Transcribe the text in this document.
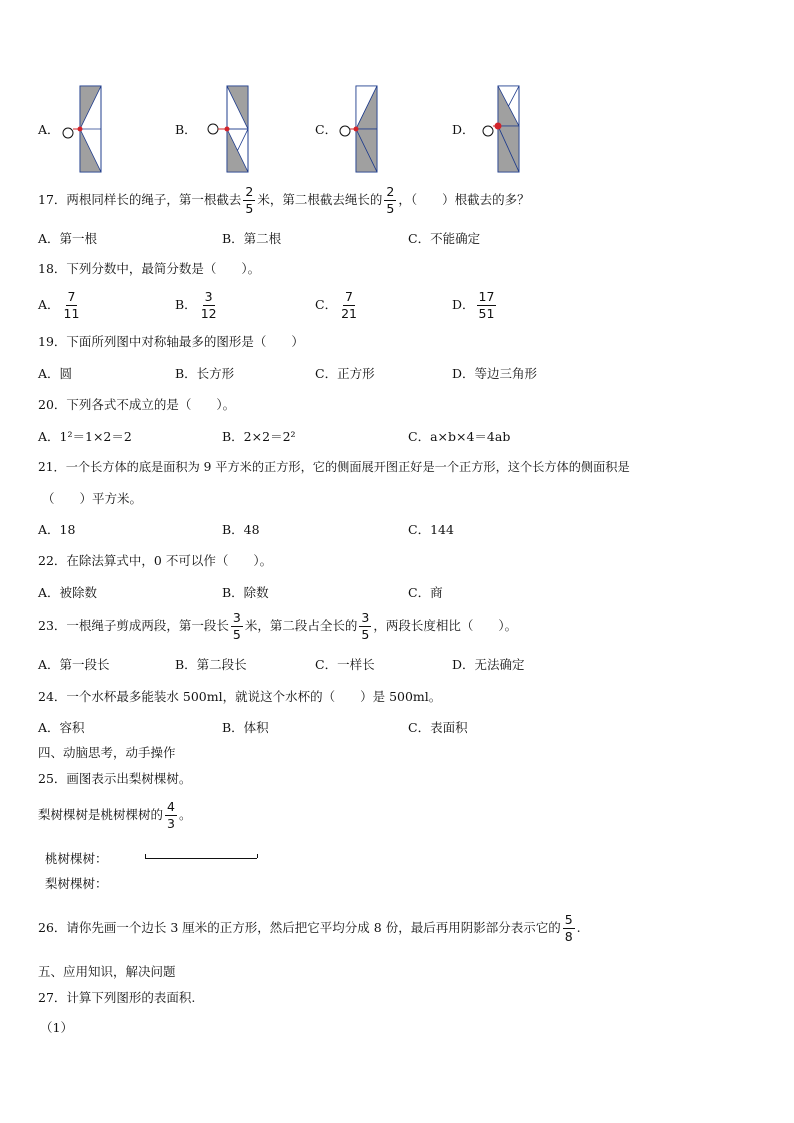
A．	B．	C．	D．
17．两根同样长的绳子，第一根截去 $\frac{2}{5}$ 米，第二根截去绳长的 $\frac{2}{5}$ ，（　　）根截去的多？
A．第一根	B．第二根	C．不能确定
18．下列分数中，最简分数是（　　）。
A． $\frac{7}{11}$	B． $\frac{3}{12}$	C． $\frac{7}{21}$	D． $\frac{17}{51}$
19．下面所列图中对称轴最多的图形是（　　）
A．圆	B．长方形	C．正方形	D．等边三角形
20．下列各式不成立的是（　　）。
A．1²＝1×2＝2	B．2×2＝2²	C．a×b×4＝4ab
21．一个长方体的底是面积为 9 平方米的正方形，它的侧面展开图正好是一个正方形，这个长方体的侧面积是
（　　）平方米。
A．18	B．48	C．144
22．在除法算式中，0 不可以作（　　）。
A．被除数	B．除数	C．商
23．一根绳子剪成两段，第一段长 $\frac{3}{5}$ 米，第二段占全长的 $\frac{3}{5}$ ，两段长度相比（　　）。
A．第一段长	B．第二段长	C．一样长	D．无法确定
24．一个水杯最多能装水 500ml，就说这个水杯的（　　）是 500ml。
A．容积	B．体积	C．表面积
四、动脑思考，动手操作
25．画图表示出梨树棵树。
梨树棵树是桃树棵树的 $\frac{4}{3}$ 。
桃树棵树：
梨树棵树：
26．请你先画一个边长 3 厘米的正方形，然后把它平均分成 8 份，最后再用阴影部分表示它的 $\frac{5}{8}$ .
五、应用知识，解决问题
27．计算下列图形的表面积.
（1）
